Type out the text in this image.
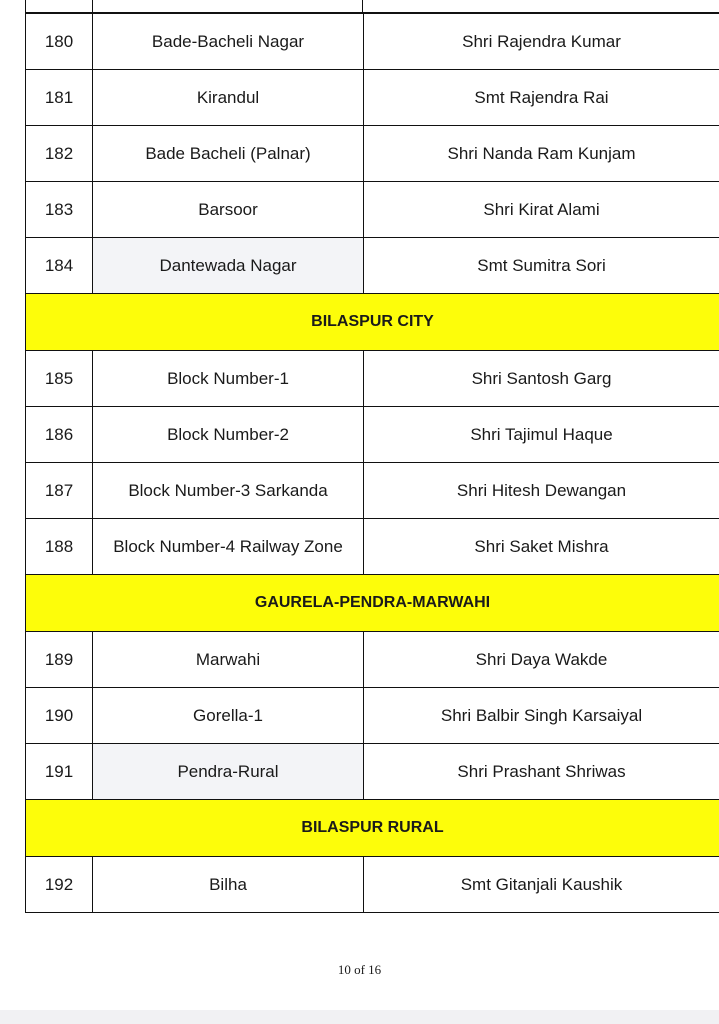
180	Bade-Bacheli Nagar	Shri Rajendra Kumar
181	Kirandul	Smt Rajendra Rai
182	Bade Bacheli (Palnar)	Shri Nanda Ram Kunjam
183	Barsoor	Shri Kirat Alami
184	Dantewada Nagar	Smt Sumitra Sori
BILASPUR CITY
185	Block Number-1	Shri Santosh Garg
186	Block Number-2	Shri Tajimul Haque
187	Block Number-3 Sarkanda	Shri Hitesh Dewangan
188	Block Number-4 Railway Zone	Shri Saket Mishra
GAURELA-PENDRA-MARWAHI
189	Marwahi	Shri Daya Wakde
190	Gorella-1	Shri Balbir Singh Karsaiyal
191	Pendra-Rural	Shri Prashant Shriwas
BILASPUR RURAL
192	Bilha	Smt Gitanjali Kaushik
10 of 16
